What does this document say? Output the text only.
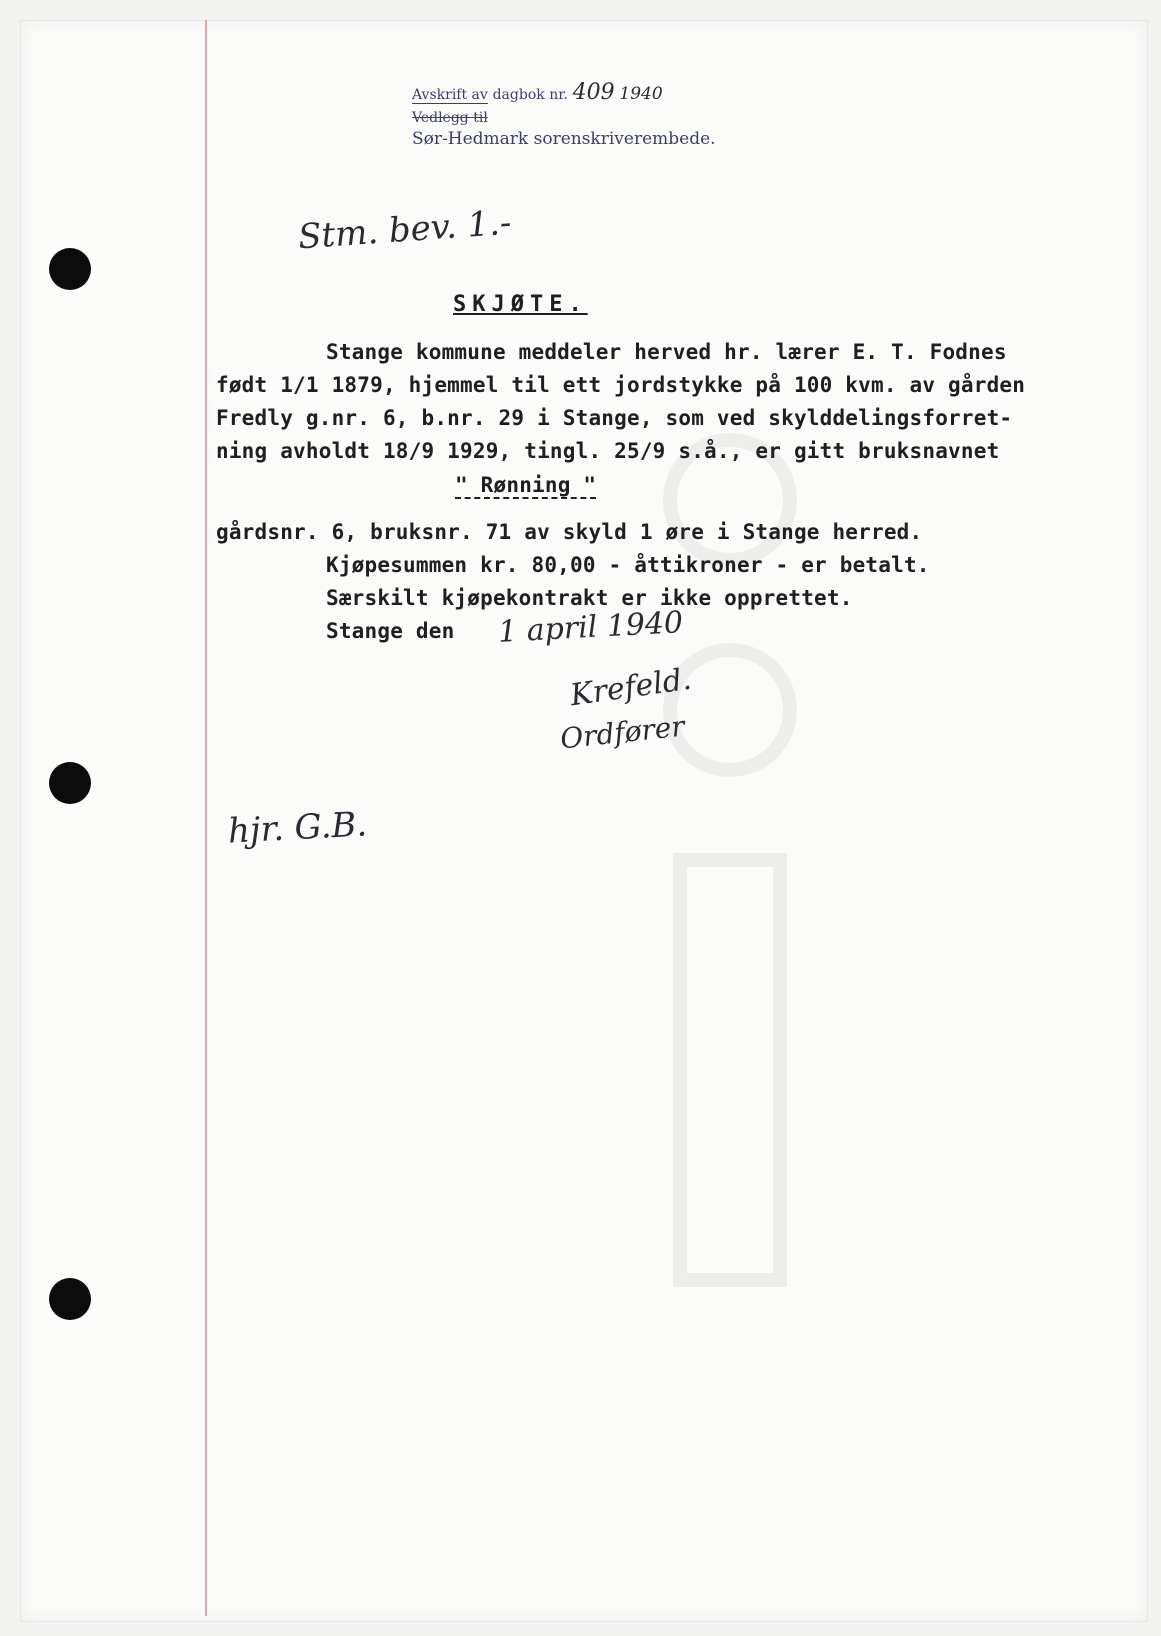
Avskrift av dagbok nr. 409 1940
Vedlegg til
Sør-Hedmark sorenskriverembede.
Stm. bev. 1.-
SKJØTE.
Stange kommune meddeler herved hr. lærer E. T. Fodnes
født 1/1 1879, hjemmel til ett jordstykke på 100 kvm. av gården
Fredly g.nr. 6, b.nr. 29 i Stange, som ved skylddelingsforret-
ning avholdt 18/9 1929, tingl. 25/9 s.å., er gitt bruksnavnet
" Rønning "
gårdsnr. 6, bruksnr. 71 av skyld 1 øre i Stange herred.
Kjøpesummen kr. 80,00 - åttikroner - er betalt.
Særskilt kjøpekontrakt er ikke opprettet.
Stange den 1 april 1940
Krefeld.
Ordfører
hjr. G.B.
